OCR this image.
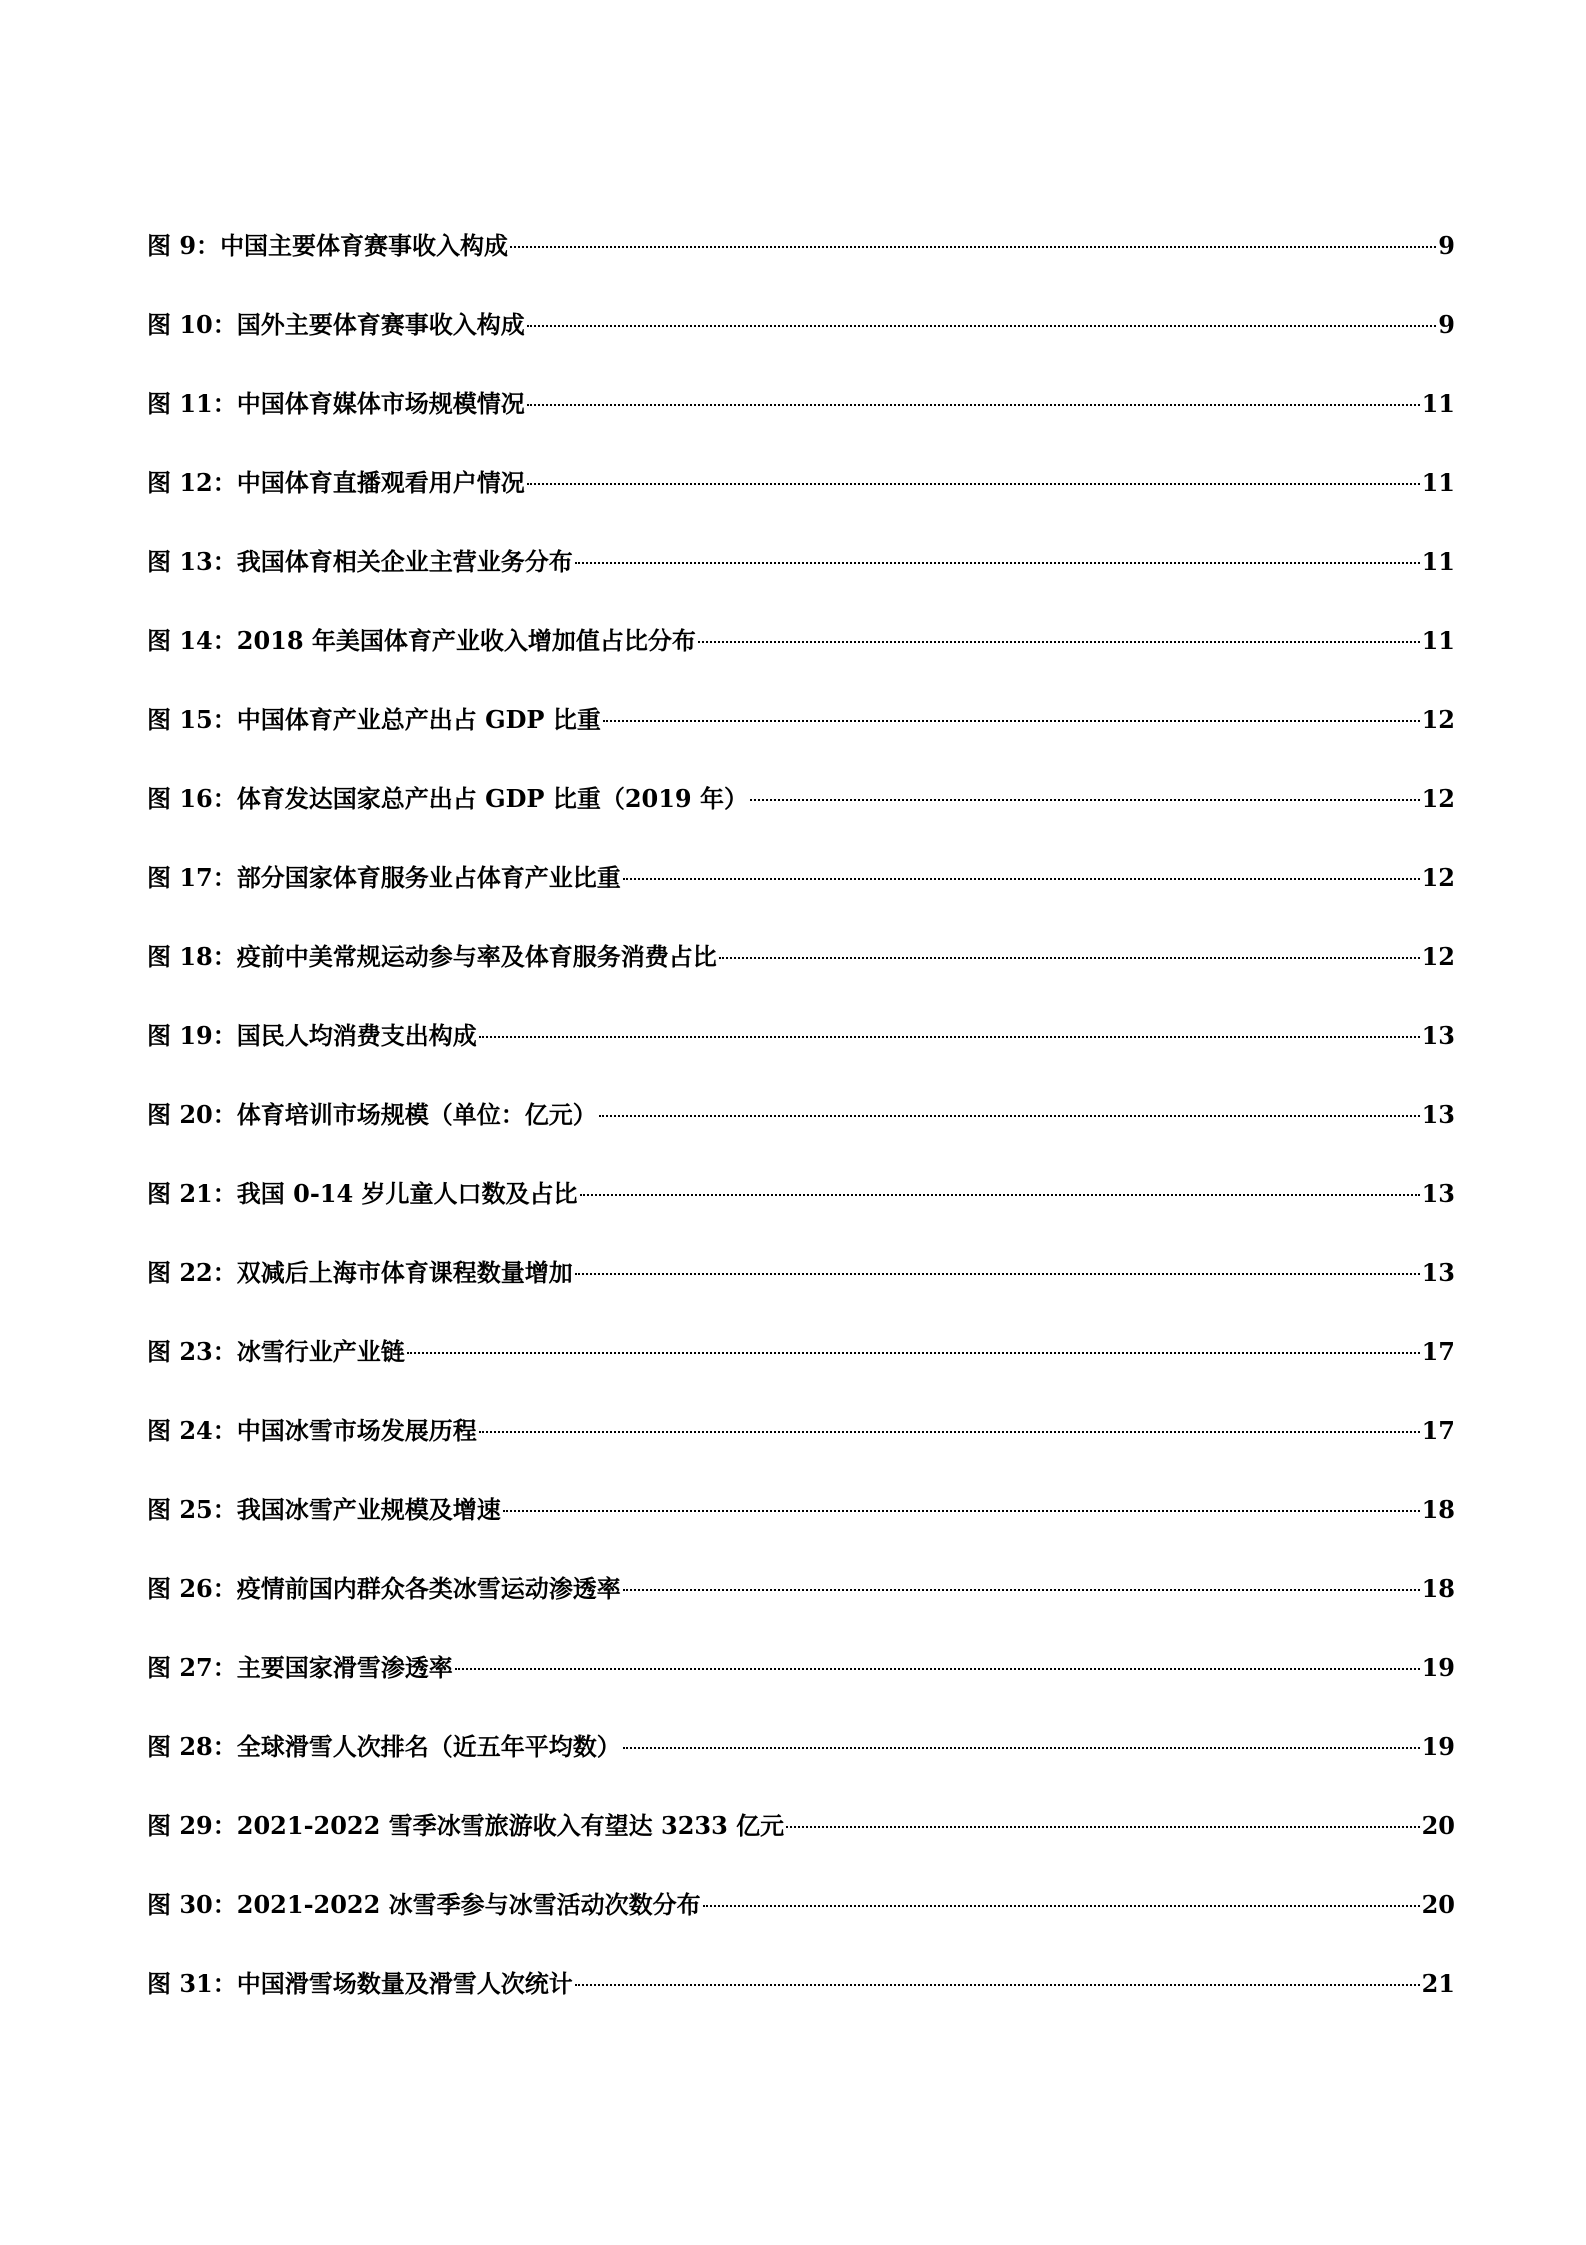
图 9： 中国主要体育赛事收入构成	9
图 10： 国外主要体育赛事收入构成	9
图 11： 中国体育媒体市场规模情况	11
图 12： 中国体育直播观看用户情况	11
图 13： 我国体育相关企业主营业务分布	11
图 14： 2018 年美国体育产业收入增加值占比分布	11
图 15： 中国体育产业总产出占 GDP 比重	12
图 16： 体育发达国家总产出占 GDP 比重（2019 年）	12
图 17： 部分国家体育服务业占体育产业比重	12
图 18： 疫前中美常规运动参与率及体育服务消费占比	12
图 19： 国民人均消费支出构成	13
图 20： 体育培训市场规模（单位：亿元）	13
图 21： 我国 0-14 岁儿童人口数及占比	13
图 22： 双减后上海市体育课程数量增加	13
图 23： 冰雪行业产业链	17
图 24： 中国冰雪市场发展历程	17
图 25： 我国冰雪产业规模及增速	18
图 26： 疫情前国内群众各类冰雪运动渗透率	18
图 27： 主要国家滑雪渗透率	19
图 28： 全球滑雪人次排名（近五年平均数）	19
图 29： 2021-2022 雪季冰雪旅游收入有望达 3233 亿元	20
图 30： 2021-2022 冰雪季参与冰雪活动次数分布	20
图 31： 中国滑雪场数量及滑雪人次统计	21
